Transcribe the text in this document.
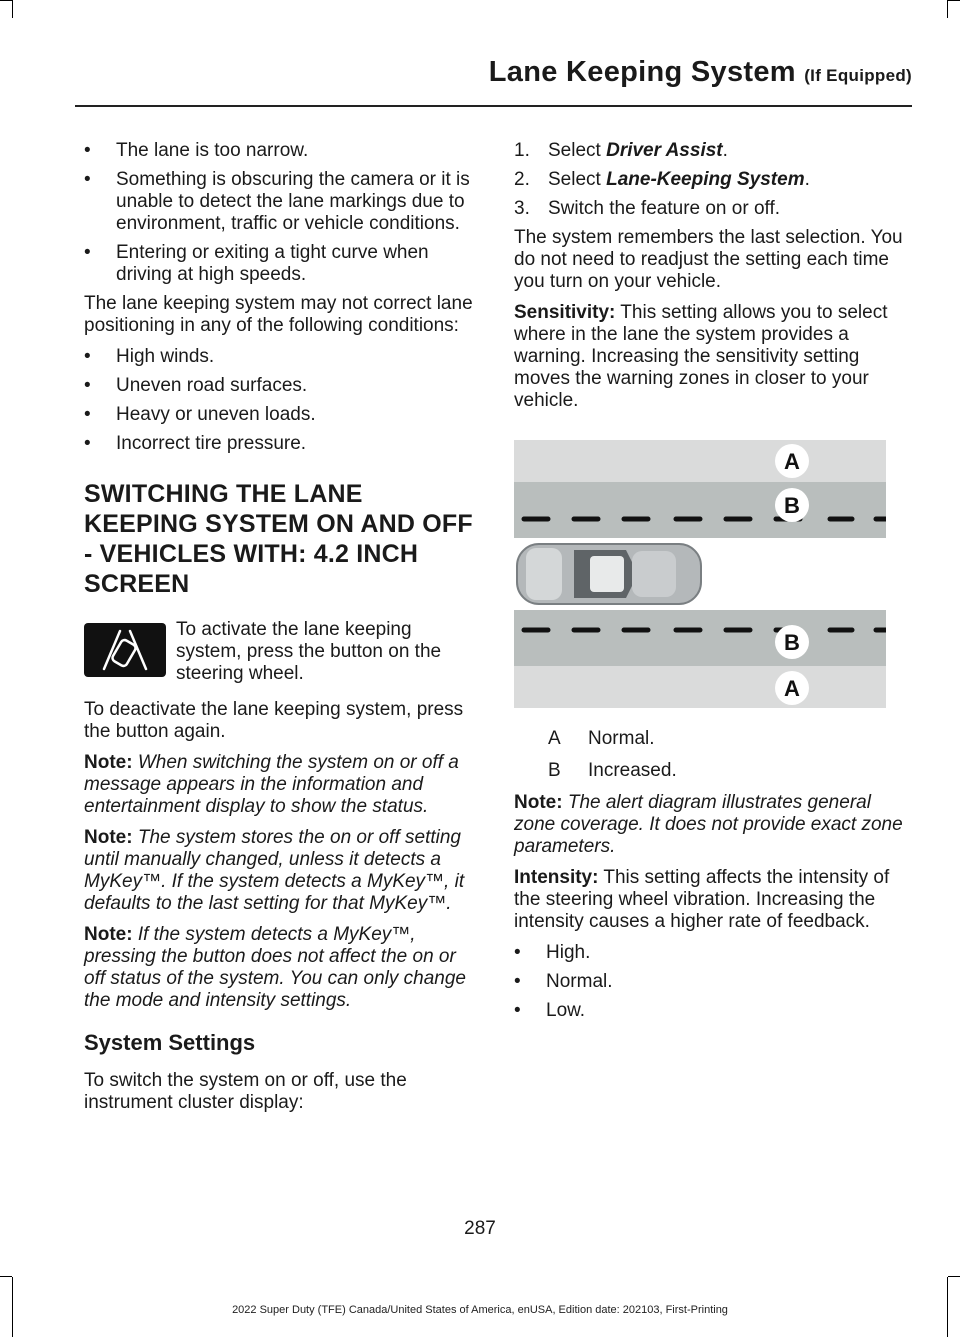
Lane Keeping System (If Equipped)
• The lane is too narrow.
• Something is obscuring the camera or it is unable to detect the lane markings due to environment, traffic or vehicle conditions.
• Entering or exiting a tight curve when driving at high speeds.

The lane keeping system may not correct lane positioning in any of the following conditions:

• High winds.
• Uneven road surfaces.
• Heavy or uneven loads.
• Incorrect tire pressure.
SWITCHING THE LANE KEEPING SYSTEM ON AND OFF - VEHICLES WITH: 4.2 INCH SCREEN
To activate the lane keeping system, press the button on the steering wheel.

To deactivate the lane keeping system, press the button again.

Note: When switching the system on or off a message appears in the information and entertainment display to show the status.

Note: The system stores the on or off setting until manually changed, unless it detects a MyKey™. If the system detects a MyKey™, it defaults to the last setting for that MyKey™.

Note: If the system detects a MyKey™, pressing the button does not affect the on or off status of the system. You can only change the mode and intensity settings.

System Settings

To switch the system on or off, use the instrument cluster display:

1. Select Driver Assist.
2. Select Lane-Keeping System.
3. Switch the feature on or off.

The system remembers the last selection. You do not need to readjust the setting each time you turn on your vehicle.

Sensitivity: This setting allows you to select where in the lane the system provides a warning. Increasing the sensitivity setting moves the warning zones in closer to your vehicle.

A
B
B
A
A	Normal.
B	Increased.

Note: The alert diagram illustrates general zone coverage. It does not provide exact zone parameters.

Intensity: This setting affects the intensity of the steering wheel vibration. Increasing the intensity causes a higher rate of feedback.

• High.
• Normal.
• Low.
287
2022 Super Duty (TFE) Canada/United States of America, enUSA, Edition date: 202103, First-Printing
